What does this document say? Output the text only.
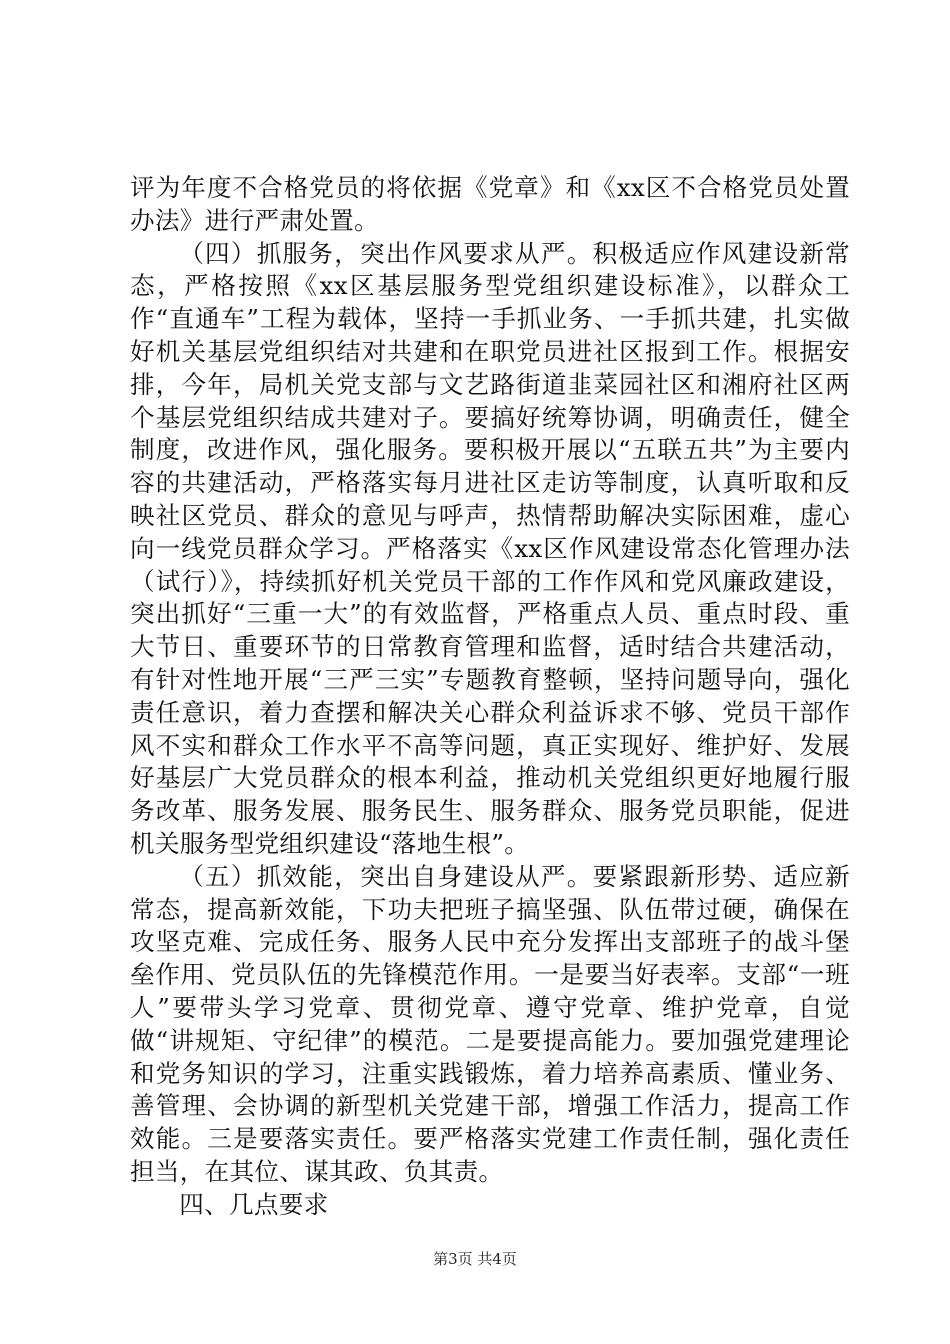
评为年度不合格党员的将依据《党章》和《xx区不合格党员处置办法》进行严肃处置。

（四）抓服务，突出作风要求从严。积极适应作风建设新常态，严格按照《xx区基层服务型党组织建设标准》，以群众工作“直通车”工程为载体，坚持一手抓业务、一手抓共建，扎实做好机关基层党组织结对共建和在职党员进社区报到工作。根据安排，今年，局机关党支部与文艺路街道韭菜园社区和湘府社区两个基层党组织结成共建对子。要搞好统筹协调，明确责任，健全制度，改进作风，强化服务。要积极开展以“五联五共”为主要内容的共建活动，严格落实每月进社区走访等制度，认真听取和反映社区党员、群众的意见与呼声，热情帮助解决实际困难，虚心向一线党员群众学习。严格落实《xx区作风建设常态化管理办法（试行）》，持续抓好机关党员干部的工作作风和党风廉政建设，突出抓好“三重一大”的有效监督，严格重点人员、重点时段、重大节日、重要环节的日常教育管理和监督，适时结合共建活动，有针对性地开展“三严三实”专题教育整顿，坚持问题导向，强化责任意识，着力查摆和解决关心群众利益诉求不够、党员干部作风不实和群众工作水平不高等问题，真正实现好、维护好、发展好基层广大党员群众的根本利益，推动机关党组织更好地履行服务改革、服务发展、服务民生、服务群众、服务党员职能，促进机关服务型党组织建设“落地生根”。

（五）抓效能，突出自身建设从严。要紧跟新形势、适应新常态，提高新效能，下功夫把班子搞坚强、队伍带过硬，确保在攻坚克难、完成任务、服务人民中充分发挥出支部班子的战斗堡垒作用、党员队伍的先锋模范作用。一是要当好表率。支部“一班人”要带头学习党章、贯彻党章、遵守党章、维护党章，自觉做“讲规矩、守纪律”的模范。二是要提高能力。要加强党建理论和党务知识的学习，注重实践锻炼，着力培养高素质、懂业务、善管理、会协调的新型机关党建干部，增强工作活力，提高工作效能。三是要落实责任。要严格落实党建工作责任制，强化责任担当，在其位、谋其政、负其责。

四、几点要求

第3页 共4页
